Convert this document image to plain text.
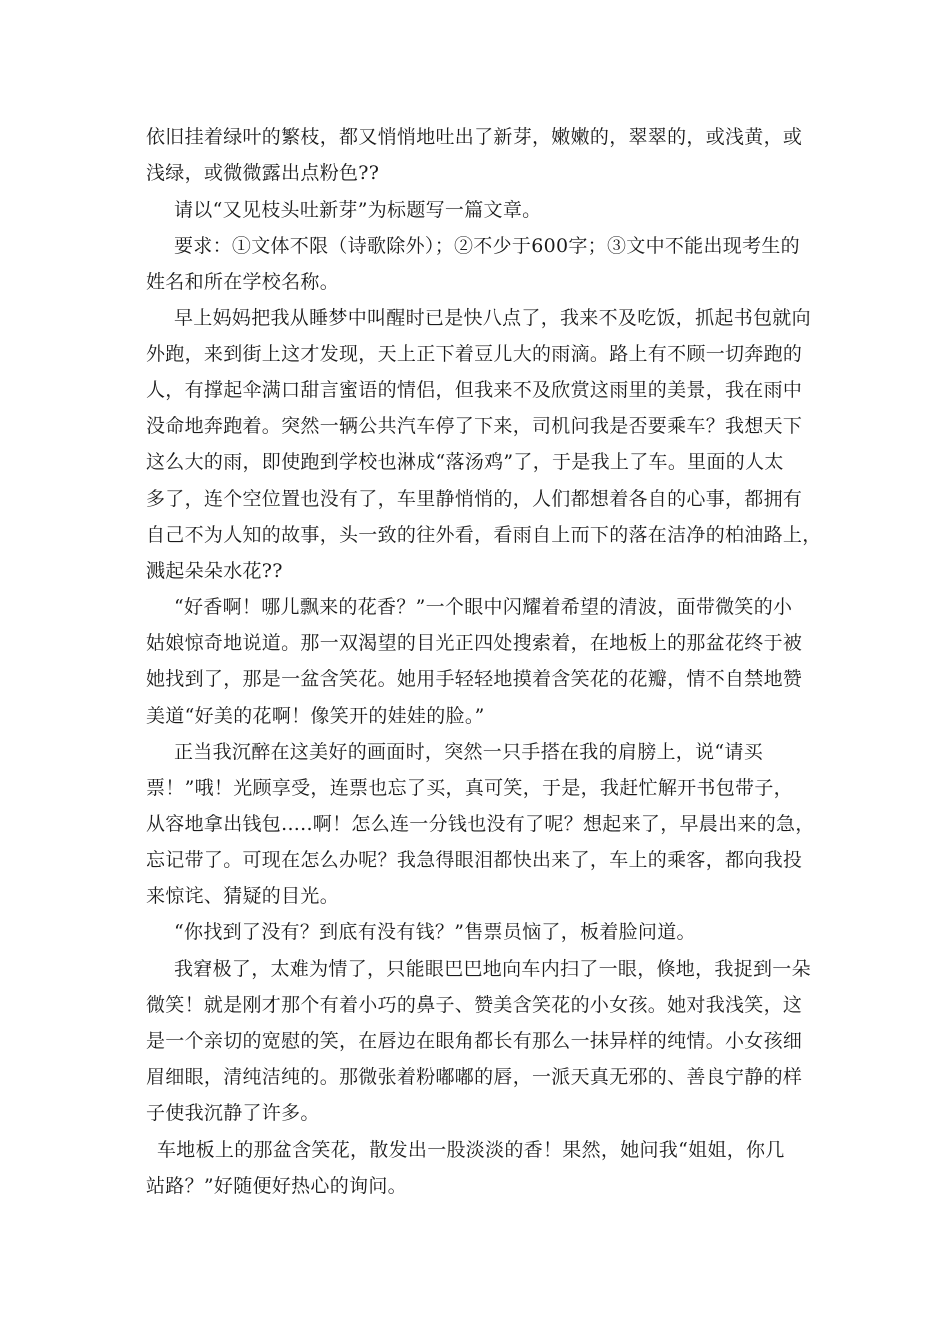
依旧挂着绿叶的繁枝，都又悄悄地吐出了新芽，嫩嫩的，翠翠的，或浅黄，或
浅绿，或微微露出点粉色??
请以“又见枝头吐新芽”为标题写一篇文章。
要求：①文体不限（诗歌除外）；②不少于600字；③文中不能出现考生的
姓名和所在学校名称。
早上妈妈把我从睡梦中叫醒时已是快八点了，我来不及吃饭，抓起书包就向
外跑，来到街上这才发现，天上正下着豆儿大的雨滴。路上有不顾一切奔跑的
人，有撑起伞满口甜言蜜语的情侣，但我来不及欣赏这雨里的美景，我在雨中
没命地奔跑着。突然一辆公共汽车停了下来，司机问我是否要乘车？我想天下
这么大的雨，即使跑到学校也淋成“落汤鸡”了，于是我上了车。里面的人太
多了，连个空位置也没有了，车里静悄悄的，人们都想着各自的心事，都拥有
自己不为人知的故事，头一致的往外看，看雨自上而下的落在洁净的柏油路上，
溅起朵朵水花??
“好香啊！哪儿飘来的花香？”一个眼中闪耀着希望的清波，面带微笑的小
姑娘惊奇地说道。那一双渴望的目光正四处搜索着，在地板上的那盆花终于被
她找到了，那是一盆含笑花。她用手轻轻地摸着含笑花的花瓣，情不自禁地赞
美道“好美的花啊！像笑开的娃娃的脸。”
正当我沉醉在这美好的画面时，突然一只手搭在我的肩膀上，说“请买
票！”哦！光顾享受，连票也忘了买，真可笑，于是，我赶忙解开书包带子，
从容地拿出钱包.....啊！怎么连一分钱也没有了呢？想起来了，早晨出来的急，
忘记带了。可现在怎么办呢？我急得眼泪都快出来了，车上的乘客，都向我投
来惊诧、猜疑的目光。
“你找到了没有？到底有没有钱？”售票员恼了，板着脸问道。
我窘极了，太难为情了，只能眼巴巴地向车内扫了一眼，倏地，我捉到一朵
微笑！就是刚才那个有着小巧的鼻子、赞美含笑花的小女孩。她对我浅笑，这
是一个亲切的宽慰的笑，在唇边在眼角都长有那么一抹异样的纯情。小女孩细
眉细眼，清纯洁纯的。那微张着粉嘟嘟的唇，一派天真无邪的、善良宁静的样
子使我沉静了许多。
车地板上的那盆含笑花，散发出一股淡淡的香！果然，她问我“姐姐，你几
站路？”好随便好热心的询问。
